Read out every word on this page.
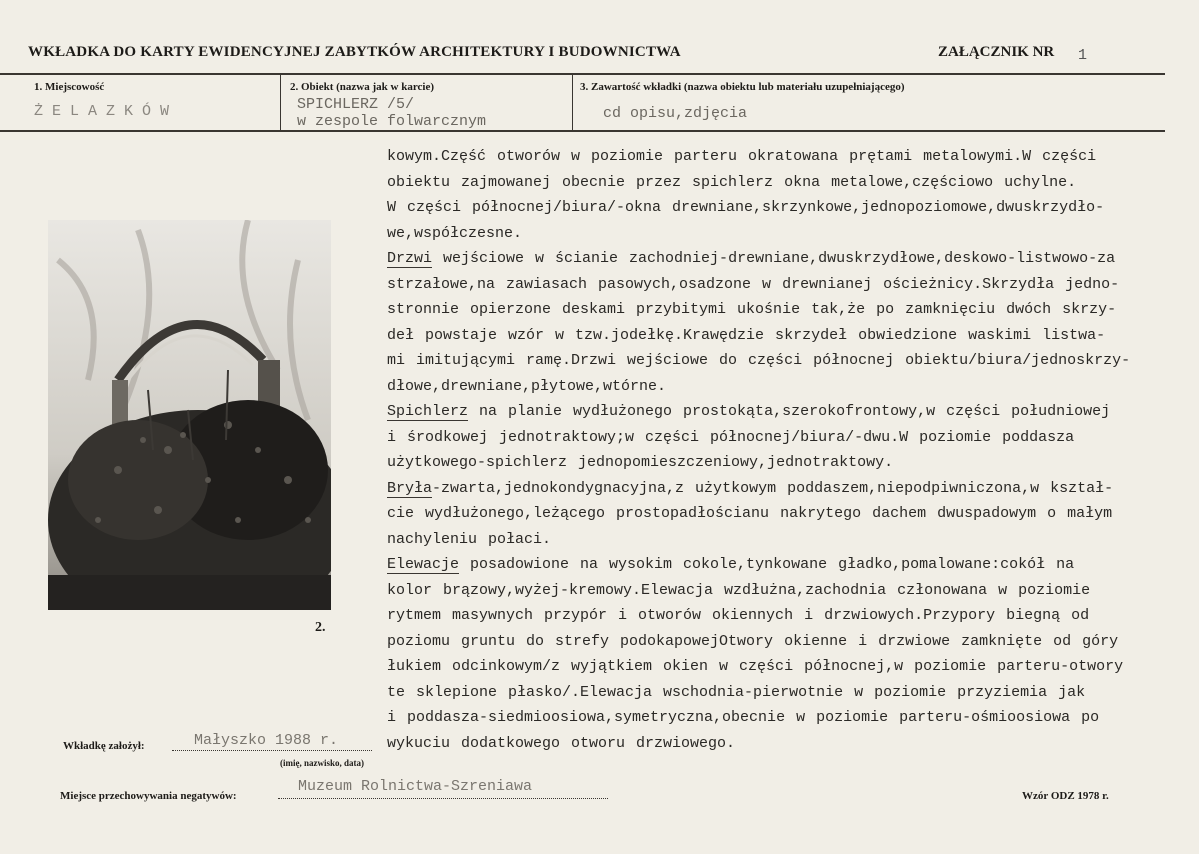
WKŁADKA DO KARTY EWIDENCYJNEJ ZABYTKÓW ARCHITEKTURY I BUDOWNICTWA	ZAŁĄCZNIK NR 1
1. Miejscowość
ŻELAZKÓW
2. Obiekt (nazwa jak w karcie)
SPICHLERZ /5/
w zespole folwarcznym
3. Zawartość wkładki (nazwa obiektu lub materiału uzupełniającego)
cd opisu,zdjęcia
2.
kowym.Część otworów w poziomie parteru okratowana prętami metalowymi.W części
obiektu zajmowanej obecnie przez spichlerz okna metalowe,częściowo uchylne.
W części północnej/biura/-okna drewniane,skrzynkowe,jednopoziomowe,dwuskrzydło-
we,współczesne.
Drzwi wejściowe w ścianie zachodniej-drewniane,dwuskrzydłowe,deskowo-listwowo-za
strzałowe,na zawiasach pasowych,osadzone w drewnianej ościeżnicy.Skrzydła jedno-
stronnie opierzone deskami przybitymi ukośnie tak,że po zamknięciu dwóch skrzy-
deł powstaje wzór w tzw.jodełkę.Krawędzie skrzydeł obwiedzione waskimi listwa-
mi imitującymi ramę.Drzwi wejściowe do części północnej obiektu/biura/jednoskrzy-
dłowe,drewniane,płytowe,wtórne.
Spichlerz na planie wydłużonego prostokąta,szerokofrontowy,w części południowej
i środkowej jednotraktowy;w części północnej/biura/-dwu.W poziomie poddasza
użytkowego-spichlerz jednopomieszczeniowy,jednotraktowy.
Bryła-zwarta,jednokondygnacyjna,z użytkowym poddaszem,niepodpiwniczona,w kształ-
cie wydłużonego,leżącego prostopadłościanu nakrytego dachem dwuspadowym o małym
nachyleniu połaci.
Elewacje posadowione na wysokim cokole,tynkowane gładko,pomalowane:cokół na
kolor brązowy,wyżej-kremowy.Elewacja wzdłużna,zachodnia członowana w poziomie
rytmem masywnych przypór i otworów okiennych i drzwiowych.Przypory biegną od
poziomu gruntu do strefy podokapowejOtwory okienne i drzwiowe zamknięte od góry
łukiem odcinkowym/z wyjątkiem okien w części północnej,w poziomie parteru-otwory
te sklepione płasko/.Elewacja wschodnia-pierwotnie w poziomie przyziemia jak
i poddasza-siedmioosiowa,symetryczna,obecnie w poziomie parteru-ośmioosiowa po
wykuciu dodatkowego otworu drzwiowego.
Wkładkę założył:	Małyszko 1988 r.
(imię, nazwisko, data)
Miejsce przechowywania negatywów:
Muzeum Rolnictwa-Szreniawa
Wzór ODZ 1978 r.
